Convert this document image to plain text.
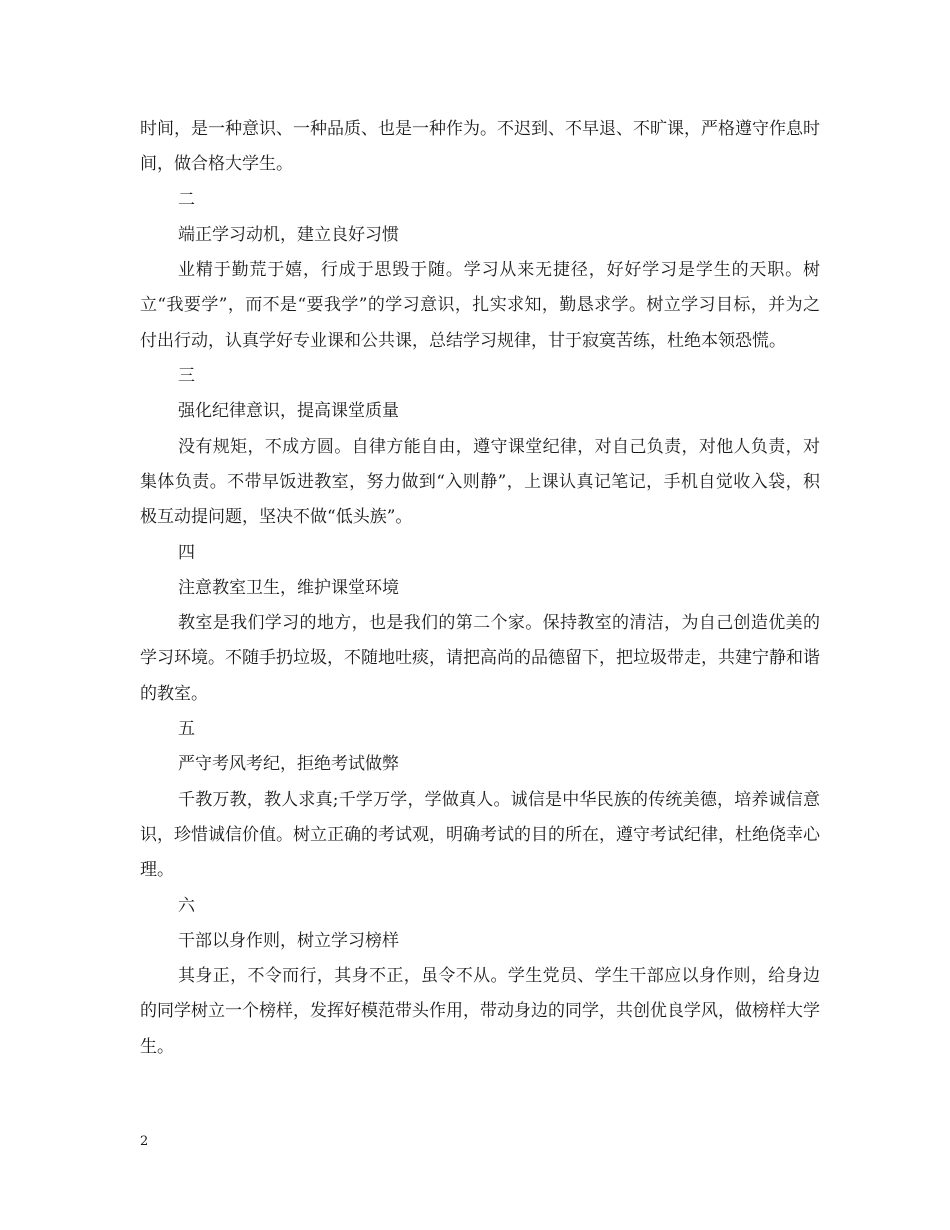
时间，是一种意识、一种品质、也是一种作为。不迟到、不早退、不旷课，严格遵守作息时间，做合格大学生。

二

端正学习动机，建立良好习惯

业精于勤荒于嬉，行成于思毁于随。学习从来无捷径，好好学习是学生的天职。树立“我要学”，而不是“要我学”的学习意识，扎实求知，勤恳求学。树立学习目标，并为之付出行动，认真学好专业课和公共课，总结学习规律，甘于寂寞苦练，杜绝本领恐慌。

三

强化纪律意识，提高课堂质量

没有规矩，不成方圆。自律方能自由，遵守课堂纪律，对自己负责，对他人负责，对集体负责。不带早饭进教室，努力做到“入则静”，上课认真记笔记，手机自觉收入袋，积极互动提问题，坚决不做“低头族”。

四

注意教室卫生，维护课堂环境

教室是我们学习的地方，也是我们的第二个家。保持教室的清洁，为自己创造优美的学习环境。不随手扔垃圾，不随地吐痰，请把高尚的品德留下，把垃圾带走，共建宁静和谐的教室。

五

严守考风考纪，拒绝考试做弊

千教万教，教人求真;千学万学，学做真人。诚信是中华民族的传统美德，培养诚信意识，珍惜诚信价值。树立正确的考试观，明确考试的目的所在，遵守考试纪律，杜绝侥幸心理。

六

干部以身作则，树立学习榜样

其身正，不令而行，其身不正，虽令不从。学生党员、学生干部应以身作则，给身边的同学树立一个榜样，发挥好模范带头作用，带动身边的同学，共创优良学风，做榜样大学生。

2
